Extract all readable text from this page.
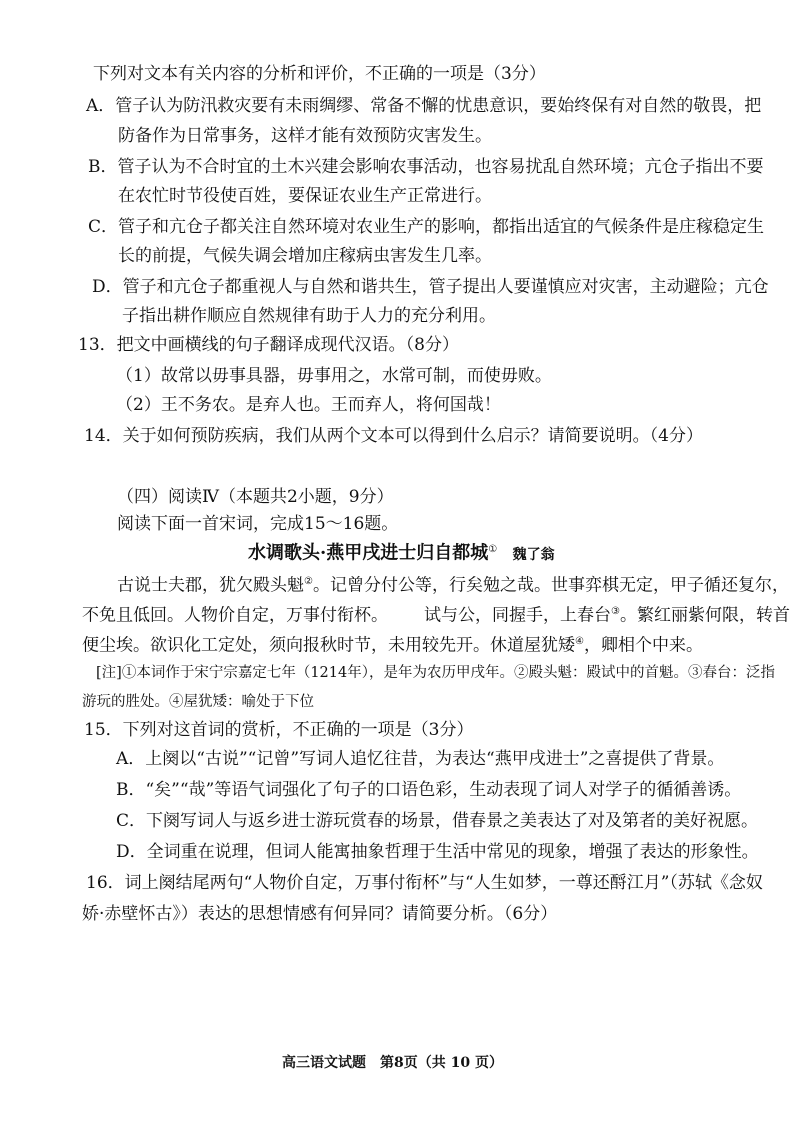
下列对文本有关内容的分析和评价，不正确的一项是（3分）
A．管子认为防汛救灾要有未雨绸缪、常备不懈的忧患意识，要始终保有对自然的敬畏，把
防备作为日常事务，这样才能有效预防灾害发生。
B．管子认为不合时宜的土木兴建会影响农事活动，也容易扰乱自然环境；亢仓子指出不要
在农忙时节役使百姓，要保证农业生产正常进行。
C．管子和亢仓子都关注自然环境对农业生产的影响，都指出适宜的气候条件是庄稼稳定生
长的前提，气候失调会增加庄稼病虫害发生几率。
D．管子和亢仓子都重视人与自然和谐共生，管子提出人要谨慎应对灾害，主动避险；亢仓
子指出耕作顺应自然规律有助于人力的充分利用。
13．把文中画横线的句子翻译成现代汉语。（8分）
（1）故常以毋事具器，毋事用之，水常可制，而使毋败。
（2）王不务农。是弃人也。王而弃人，将何国哉！
14．关于如何预防疾病，我们从两个文本可以得到什么启示？请简要说明。（4分）
（四）阅读Ⅳ（本题共2小题，9分）
阅读下面一首宋词，完成15～16题。
水调歌头·燕甲戌进士归自都城① 魏了翁
古说士夫郡，犹欠殿头魁②。记曾分付公等，行矣勉之哉。世事弈棋无定，甲子循还复尔，
不免且低回。人物价自定，万事付衔杯。 试与公，同握手，上春台③。繁红丽紫何限，转首
便尘埃。欲识化工定处，须向报秋时节，未用较先开。休道屋犹矮④，卿相个中来。
[注]①本词作于宋宁宗嘉定七年（1214年），是年为农历甲戌年。②殿头魁：殿试中的首魁。③春台：泛指
游玩的胜处。④屋犹矮：喻处于下位
15．下列对这首词的赏析，不正确的一项是（3分）
A．上阕以“古说”“记曾”写词人追忆往昔，为表达“燕甲戌进士”之喜提供了背景。
B．“矣”“哉”等语气词强化了句子的口语色彩，生动表现了词人对学子的循循善诱。
C．下阕写词人与返乡进士游玩赏春的场景，借春景之美表达了对及第者的美好祝愿。
D．全词重在说理，但词人能寓抽象哲理于生活中常见的现象，增强了表达的形象性。
16．词上阕结尾两句“人物价自定，万事付衔杯”与“人生如梦，一尊还酹江月”（苏轼《念奴
娇·赤壁怀古》）表达的思想情感有何异同？请简要分析。（6分）
高三语文试题　第8页（共 10 页）
